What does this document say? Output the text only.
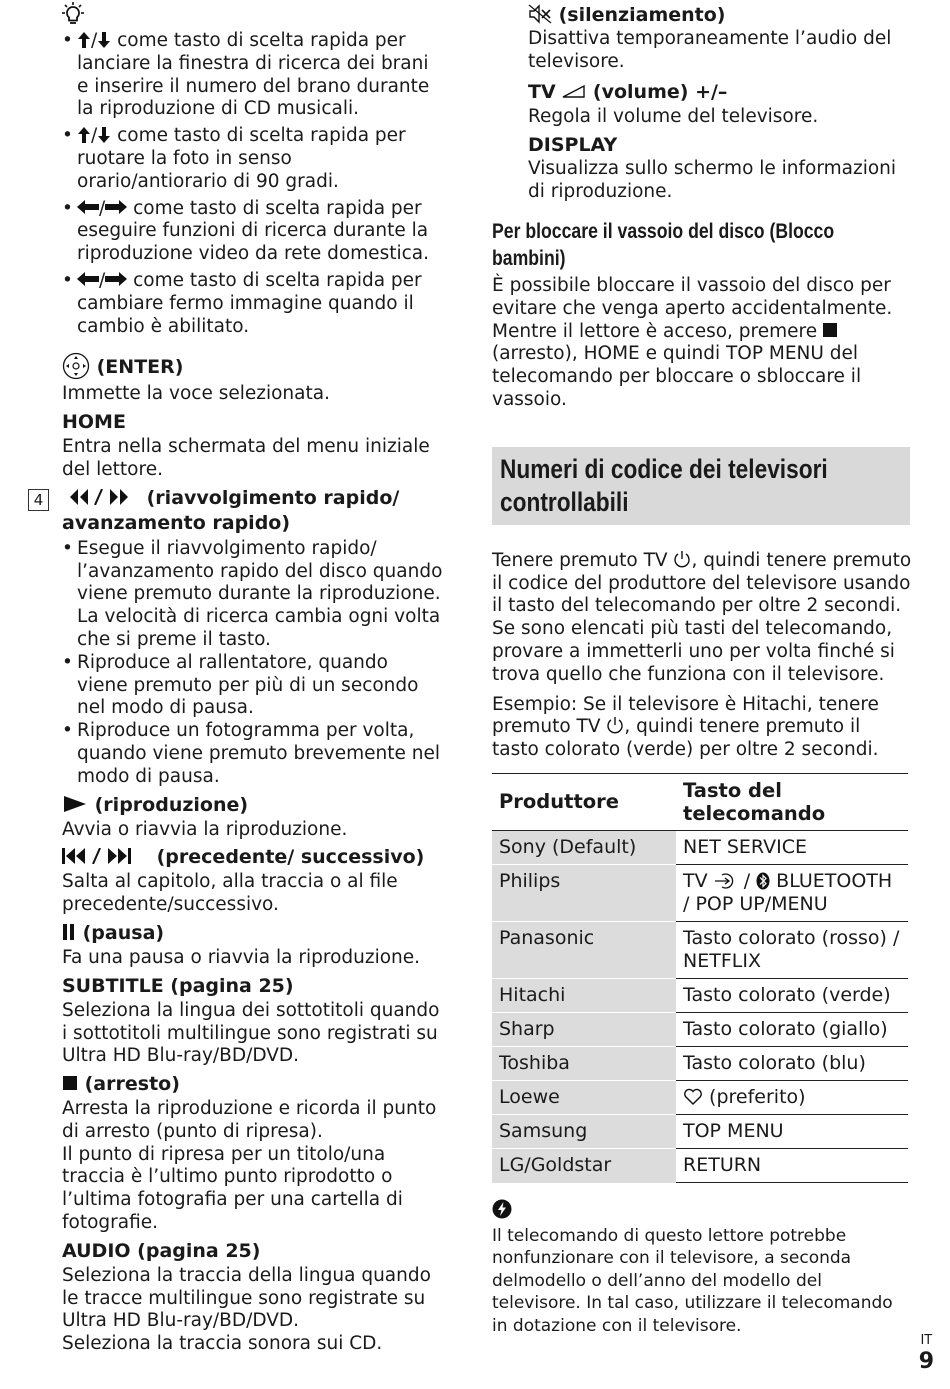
• / come tasto di scelta rapida per lanciare la finestra di ricerca dei brani e inserire il numero del brano durante la riproduzione di CD musicali.
• / come tasto di scelta rapida per ruotare la foto in senso orario/antiorario di 90 gradi.
• / come tasto di scelta rapida per eseguire funzioni di ricerca durante la riproduzione video da rete domestica.
• / come tasto di scelta rapida per cambiare fermo immagine quando il cambio è abilitato.
(ENTER)
Immette la voce selezionata.
HOME
Entra nella schermata del menu iniziale del lettore.
(riavvolgimento rapido/ avanzamento rapido)
• Esegue il riavvolgimento rapido/ l’avanzamento rapido del disco quando viene premuto durante la riproduzione. La velocità di ricerca cambia ogni volta che si preme il tasto.
• Riproduce al rallentatore, quando viene premuto per più di un secondo nel modo di pausa.
• Riproduce un fotogramma per volta, quando viene premuto brevemente nel modo di pausa.
(riproduzione)
Avvia o riavvia la riproduzione.
(precedente/ successivo)
Salta al capitolo, alla traccia o al file precedente/successivo.
(pausa)
Fa una pausa o riavvia la riproduzione.
SUBTITLE (pagina 25)
Seleziona la lingua dei sottotitoli quando i sottotitoli multilingue sono registrati su Ultra HD Blu-ray/BD/DVD.
(arresto)
Arresta la riproduzione e ricorda il punto di arresto (punto di ripresa).
Il punto di ripresa per un titolo/una traccia è l’ultimo punto riprodotto o l’ultima fotografia per una cartella di fotografie.
AUDIO (pagina 25)
Seleziona la traccia della lingua quando le tracce multilingue sono registrate su Ultra HD Blu-ray/BD/DVD.
Seleziona la traccia sonora sui CD.
4
(silenziamento)
Disattiva temporaneamente l’audio del televisore.
TV (volume) +/–
Regola il volume del televisore.
DISPLAY
Visualizza sullo schermo le informazioni di riproduzione.
Per bloccare il vassoio del disco (Blocco bambini)
È possibile bloccare il vassoio del disco per evitare che venga aperto accidentalmente.
Mentre il lettore è acceso, premere  (arresto), HOME e quindi TOP MENU del telecomando per bloccare o sbloccare il vassoio.
Numeri di codice dei televisori controllabili
Tenere premuto TV , quindi tenere premuto il codice del produttore del televisore usando il tasto del telecomando per oltre 2 secondi. Se sono elencati più tasti del telecomando, provare a immetterli uno per volta finché si trova quello che funziona con il televisore.
Esempio: Se il televisore è Hitachi, tenere premuto TV , quindi tenere premuto il tasto colorato (verde) per oltre 2 secondi.
Produttore	Tasto del telecomando
Sony (Default)	NET SERVICE
Philips	TV  /  BLUETOOTH / POP UP/MENU
Panasonic	Tasto colorato (rosso) / NETFLIX
Hitachi	Tasto colorato (verde)
Sharp	Tasto colorato (giallo)
Toshiba	Tasto colorato (blu)
Loewe	(preferito)
Samsung	TOP MENU
LG/Goldstar	RETURN
Il telecomando di questo lettore potrebbe nonfunzionare con il televisore, a seconda delmodello o dell’anno del modello del televisore. In tal caso, utilizzare il telecomando in dotazione con il televisore.
IT
9
